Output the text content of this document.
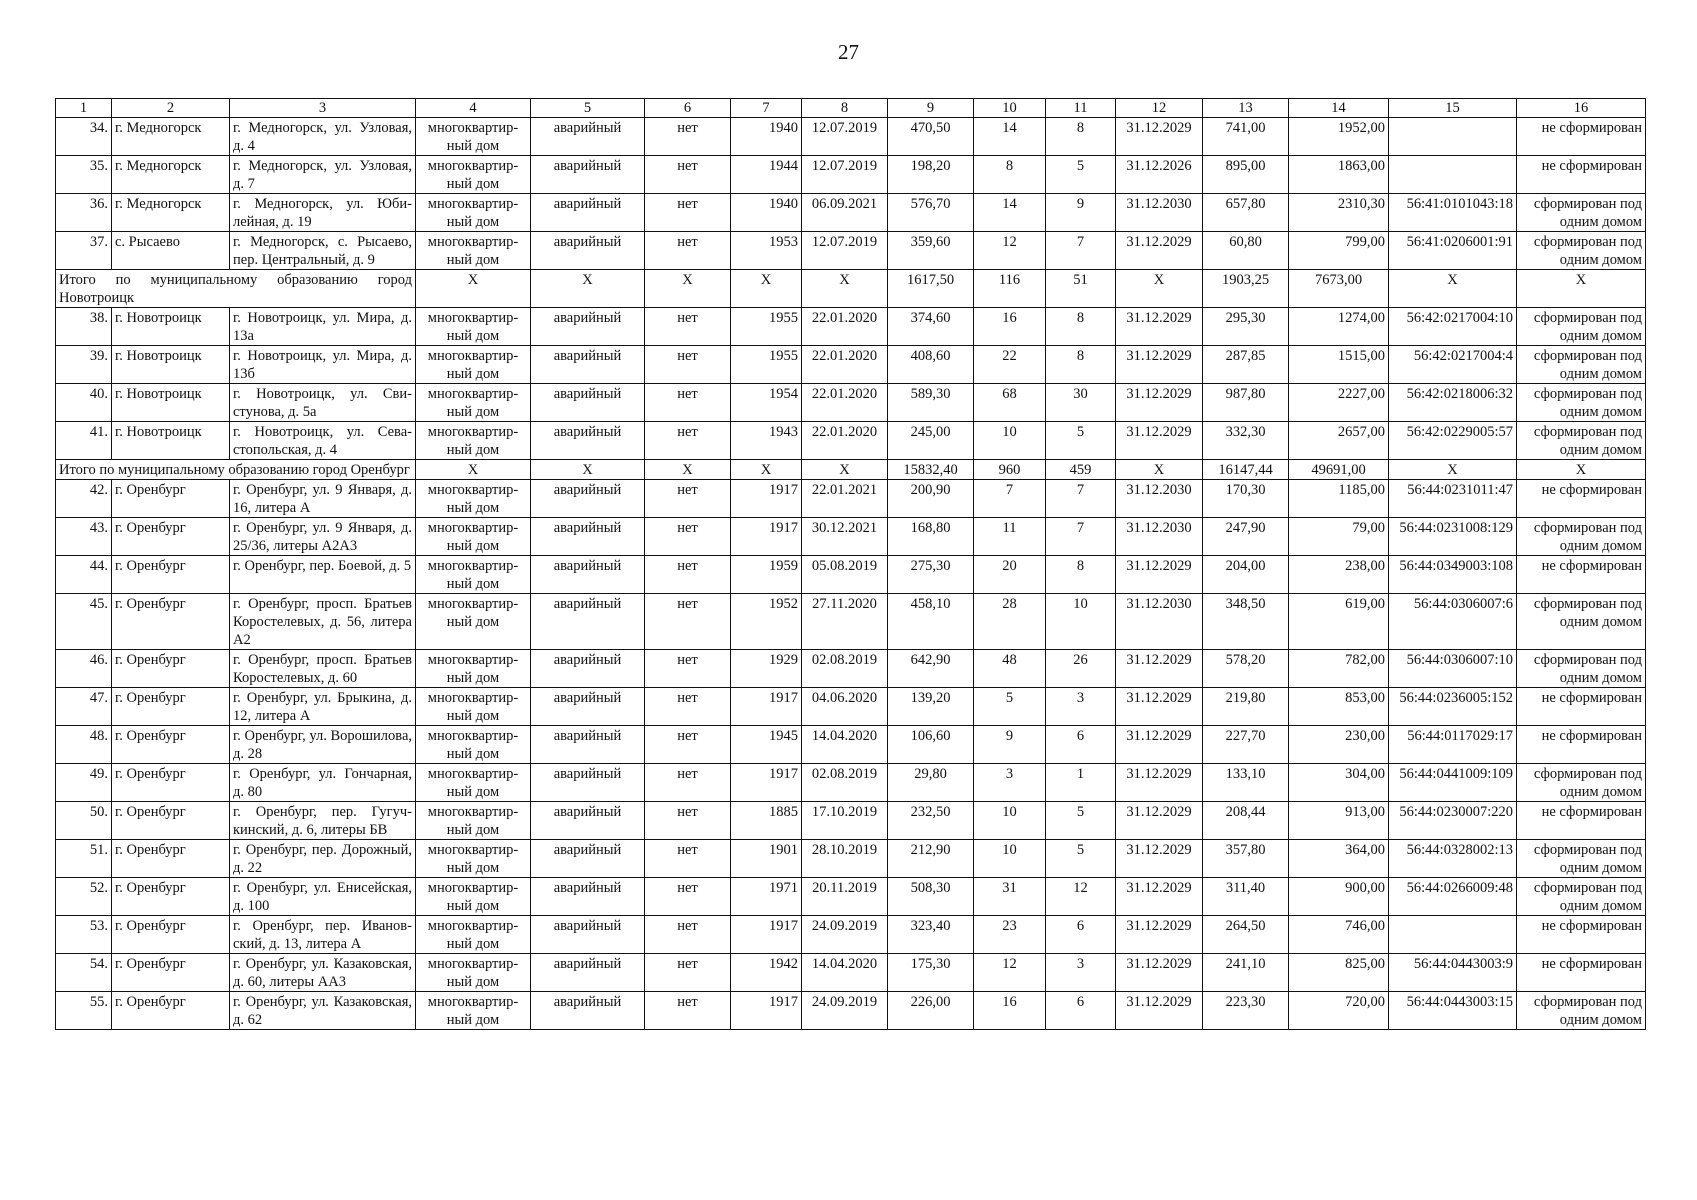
27
1	2	3	4	5	6	7	8	9	10	11	12	13	14	15	16
34.	г. Медногорск	г. Медногорск, ул. Узловая, д. 4	многоквартирный дом	аварийный	нет	1940	12.07.2019	470,50	14	8	31.12.2029	741,00	1952,00		не сформирован
35.	г. Медногорск	г. Медногорск, ул. Узловая, д. 7	многоквартирный дом	аварийный	нет	1944	12.07.2019	198,20	8	5	31.12.2026	895,00	1863,00		не сформирован
36.	г. Медногорск	г. Медногорск, ул. Юбилейная, д. 19	многоквартирный дом	аварийный	нет	1940	06.09.2021	576,70	14	9	31.12.2030	657,80	2310,30	56:41:0101043:18	сформирован под одним домом
37.	с. Рысаево	г. Медногорск, с. Рысаево, пер. Центральный, д. 9	многоквартирный дом	аварийный	нет	1953	12.07.2019	359,60	12	7	31.12.2029	60,80	799,00	56:41:0206001:91	сформирован под одним домом
Итого по муниципальному образованию город Новотроицк			Х	Х	Х	Х	Х	1617,50	116	51	Х	1903,25	7673,00	Х	Х
38.	г. Новотроицк	г. Новотроицк, ул. Мира, д. 13а	многоквартирный дом	аварийный	нет	1955	22.01.2020	374,60	16	8	31.12.2029	295,30	1274,00	56:42:0217004:10	сформирован под одним домом
39.	г. Новотроицк	г. Новотроицк, ул. Мира, д. 13б	многоквартирный дом	аварийный	нет	1955	22.01.2020	408,60	22	8	31.12.2029	287,85	1515,00	56:42:0217004:4	сформирован под одним домом
40.	г. Новотроицк	г. Новотроицк, ул. Свистунова, д. 5а	многоквартирный дом	аварийный	нет	1954	22.01.2020	589,30	68	30	31.12.2029	987,80	2227,00	56:42:0218006:32	сформирован под одним домом
41.	г. Новотроицк	г. Новотроицк, ул. Севастопольская, д. 4	многоквартирный дом	аварийный	нет	1943	22.01.2020	245,00	10	5	31.12.2029	332,30	2657,00	56:42:0229005:57	сформирован под одним домом
Итого по муниципальному образованию город Оренбург			Х	Х	Х	Х	Х	15832,40	960	459	Х	16147,44	49691,00	Х	Х
42.	г. Оренбург	г. Оренбург, ул. 9 Января, д. 16, литера А	многоквартирный дом	аварийный	нет	1917	22.01.2021	200,90	7	7	31.12.2030	170,30	1185,00	56:44:0231011:47	не сформирован
43.	г. Оренбург	г. Оренбург, ул. 9 Января, д. 25/36, литеры А2А3	многоквартирный дом	аварийный	нет	1917	30.12.2021	168,80	11	7	31.12.2030	247,90	79,00	56:44:0231008:129	сформирован под одним домом
44.	г. Оренбург	г. Оренбург, пер. Боевой, д. 5	многоквартирный дом	аварийный	нет	1959	05.08.2019	275,30	20	8	31.12.2029	204,00	238,00	56:44:0349003:108	не сформирован
45.	г. Оренбург	г. Оренбург, просп. Братьев Коростелевых, д. 56, литера А2	многоквартирный дом	аварийный	нет	1952	27.11.2020	458,10	28	10	31.12.2030	348,50	619,00	56:44:0306007:6	сформирован под одним домом
46.	г. Оренбург	г. Оренбург, просп. Братьев Коростелевых, д. 60	многоквартирный дом	аварийный	нет	1929	02.08.2019	642,90	48	26	31.12.2029	578,20	782,00	56:44:0306007:10	сформирован под одним домом
47.	г. Оренбург	г. Оренбург, ул. Брыкина, д. 12, литера А	многоквартирный дом	аварийный	нет	1917	04.06.2020	139,20	5	3	31.12.2029	219,80	853,00	56:44:0236005:152	не сформирован
48.	г. Оренбург	г. Оренбург, ул. Ворошилова, д. 28	многоквартирный дом	аварийный	нет	1945	14.04.2020	106,60	9	6	31.12.2029	227,70	230,00	56:44:0117029:17	не сформирован
49.	г. Оренбург	г. Оренбург, ул. Гончарная, д. 80	многоквартирный дом	аварийный	нет	1917	02.08.2019	29,80	3	1	31.12.2029	133,10	304,00	56:44:0441009:109	сформирован под одним домом
50.	г. Оренбург	г. Оренбург, пер. Гугучкинский, д. 6, литеры БВ	многоквартирный дом	аварийный	нет	1885	17.10.2019	232,50	10	5	31.12.2029	208,44	913,00	56:44:0230007:220	не сформирован
51.	г. Оренбург	г. Оренбург, пер. Дорожный, д. 22	многоквартирный дом	аварийный	нет	1901	28.10.2019	212,90	10	5	31.12.2029	357,80	364,00	56:44:0328002:13	сформирован под одним домом
52.	г. Оренбург	г. Оренбург, ул. Енисейская, д. 100	многоквартирный дом	аварийный	нет	1971	20.11.2019	508,30	31	12	31.12.2029	311,40	900,00	56:44:0266009:48	сформирован под одним домом
53.	г. Оренбург	г. Оренбург, пер. Ивановский, д. 13, литера А	многоквартирный дом	аварийный	нет	1917	24.09.2019	323,40	23	6	31.12.2029	264,50	746,00		не сформирован
54.	г. Оренбург	г. Оренбург, ул. Казаковская, д. 60, литеры АА3	многоквартирный дом	аварийный	нет	1942	14.04.2020	175,30	12	3	31.12.2029	241,10	825,00	56:44:0443003:9	не сформирован
55.	г. Оренбург	г. Оренбург, ул. Казаковская, д. 62	многоквартирный дом	аварийный	нет	1917	24.09.2019	226,00	16	6	31.12.2029	223,30	720,00	56:44:0443003:15	сформирован под одним домом
